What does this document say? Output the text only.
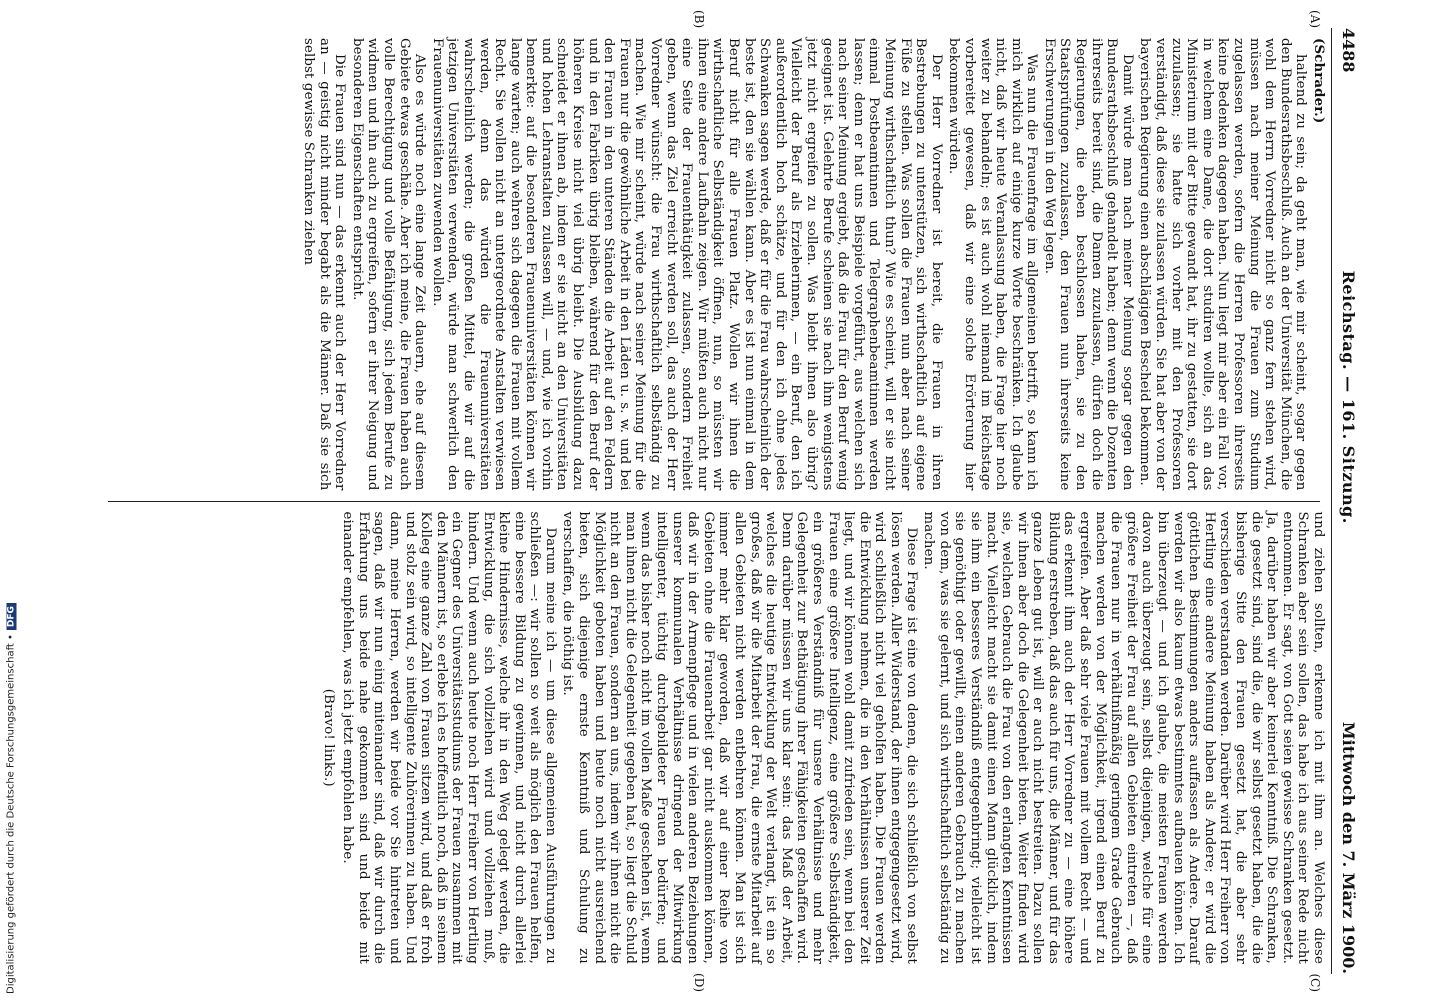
Digitalisierung gefördert durch die Deutsche Forschungsgemeinschaft •DFG
4488
Reichstag. — 161. Sitzung.
Mittwoch den 7. März 1900.
(A)
(B)
(C)
(D)

(Schrader.)

haltend zu sein; da geht man, wie mir scheint, sogar gegen den Bundesrathsbeschluß. Auch an der Universität München, die wohl dem Herrn Vorredner nicht so ganz fern stehen wird, müssen nach meiner Meinung die Frauen zum Studium zugelassen werden, sofern die Herren Professoren ihrerseits keine Bedenken dagegen haben. Nun liegt mir aber ein Fall vor, in welchem eine Dame, die dort studiren wollte, sich an das Ministerium mit der Bitte gewandt hat, ihr zu gestatten, sie dort zuzulassen; sie hatte sich vorher mit den Professoren verständigt, daß diese sie zulassen würden. Sie hat aber von der bayerischen Regierung einen abschlägigen Bescheid bekommen.

Damit würde man nach meiner Meinung sogar gegen den Bundesrathsbeschluß gehandelt haben; denn wenn die Dozenten ihrerseits bereit sind, die Damen zuzulassen, dürfen doch die Regierungen, die eben beschlossen haben, sie zu den Staatsprüfungen zuzulassen, den Frauen nun ihrerseits keine Erschwerungen in den Weg legen.

Was nun die Frauenfrage im allgemeinen betrifft, so kann ich mich wirklich auf einige kurze Worte beschränken. Ich glaube nicht, daß wir heute Veranlassung haben, die Frage hier noch weiter zu behandeln; es ist auch wohl niemand im Reichstage vorbereitet gewesen, daß wir eine solche Erörterung hier bekommen würden.

Der Herr Vorredner ist bereit, die Frauen in ihren Bestrebungen zu unterstützen, sich wirthschaftlich auf eigene Füße zu stellen. Was sollen die Frauen nun aber nach seiner Meinung wirthschaftlich thun? Wie es scheint, will er sie nicht einmal Postbeamtinnen und Telegraphenbeamtinnen werden lassen; denn er hat uns Beispiele vorgeführt, aus welchen sich nach seiner Meinung ergiebt, daß die Frau für den Beruf wenig geeignet ist. Gelehrte Berufe scheinen sie nach ihm wenigstens jetzt nicht ergreifen zu sollen. Was bleibt ihnen also übrig? Vielleicht der Beruf als Erzieherinnen, — ein Beruf, den ich außerordentlich hoch schätze, und für den ich ohne jedes Schwanken sagen werde, daß er für die Frau wahrscheinlich der beste ist, den sie wählen kann. Aber es ist nun einmal in dem Beruf nicht für alle Frauen Platz. Wollen wir ihnen die wirthschaftliche Selbständigkeit öffnen, nun, so müssten wir ihnen eine andere Laufbahn zeigen. Wir müßten auch nicht nur eine Seite der Frauenthätigkeit zulassen, sondern Freiheit geben, wenn das Ziel erreicht werden soll, das auch der Herr Vorredner wünscht: die Frau wirthschaftlich selbständig zu machen. Wie mir scheint, würde nach seiner Meinung für die Frauen nur die gewöhnliche Arbeit in den Läden u. s. w. und bei den Frauen in den unteren Ständen die Arbeit auf den Feldern und in den Fabriken übrig bleiben, während für den Beruf der höheren Kreise nicht viel übrig bleibt. Die Ausbildung dazu schneidet er ihnen ab, indem er sie nicht an den Universitäten und hohen Lehranstalten zulassen will, — und, wie ich vorhin bemerkte: auf die besonderen Frauenuniversitäten können wir lange warten; auch wehren sich dagegen die Frauen mit vollem Recht. Sie wollen nicht an untergeordnete Anstalten verwiesen werden, denn das würden die Frauenuniversitäten wahrscheinlich werden; die großen Mittel, die wir auf die jetzigen Universitäten verwenden, würde man schwerlich den Frauenuniversitäten zuwenden wollen.

Also es würde noch eine lange Zeit dauern, ehe auf diesem Gebiete etwas geschähe. Aber ich meine, die Frauen haben auch volle Berechtigung und volle Befähigung, sich jedem Berufe zu widmen und ihn auch zu ergreifen, sofern er ihrer Neigung und besonderen Eigenschaften entspricht.

Die Frauen sind nun — das erkennt auch der Herr Vorredner an — geistig nicht minder begabt als die Männer. Daß sie sich selbst gewisse Schranken ziehen

und ziehen sollten, erkenne ich mit ihm an. Welches diese Schranken aber sein sollen, das habe ich aus seiner Rede nicht entnommen. Er sagt, von Gott seien gewisse Schranken gesetzt. Ja, darüber haben wir aber keinerlei Kenntniß. Die Schranken, die gesetzt sind, sind die, die wir selbst gesetzt haben, die die bisherige Sitte den Frauen gesetzt hat, die aber sehr verschieden verstanden werden. Darüber wird Herr Freiherr von Hertling eine andere Meinung haben als Andere; er wird die göttlichen Bestimmungen anders auffassen als Andere. Darauf werden wir also kaum etwas bestimmtes aufbauen können. Ich bin überzeugt — und ich glaube, die meisten Frauen werden davon auch überzeugt sein, selbst diejenigen, welche für eine größere Freiheit der Frau auf allen Gebieten eintreten —, daß die Frauen nur in verhältnißmäßig geringem Grade Gebrauch machen werden von der Möglichkeit, irgend einen Beruf zu ergreifen. Aber daß sehr viele Frauen mit vollem Recht — und das erkennt ihm auch der Herr Vorredner zu — eine höhere Bildung erstreben, daß das auch für uns, die Männer, und für das ganze Leben gut ist, will er auch nicht bestreiten. Dazu sollen wir ihnen aber doch die Gelegenheit bieten. Weiter finden wird sie, welchen Gebrauch die Frau von den erlangten Kenntnissen macht. Vielleicht macht sie damit einen Mann glücklich, indem sie ihm ein besseres Verständniß entgegenbringt; vielleicht ist sie genöthigt oder gewillt, einen anderen Gebrauch zu machen von dem, was sie gelernt, und sich wirthschaftlich selbständig zu machen.

Diese Frage ist eine von denen, die sich schließlich von selbst lösen werden. Aller Widerstand, der ihnen entgegengesetzt wird, wird schließlich nicht viel geholfen haben. Die Frauen werden die Entwicklung nehmen, die in den Verhältnissen unserer Zeit liegt, und wir können wohl damit zufrieden sein, wenn bei den Frauen eine größere Intelligenz, eine größere Selbständigkeit, ein größeres Verständniß für unsere Verhältnisse und mehr Gelegenheit zur Bethätigung ihrer Fähigkeiten geschaffen wird. Denn darüber müssen wir uns klar sein: das Maß der Arbeit, welches die heutige Entwicklung der Welt verlangt, ist ein so großes, daß wir die Mitarbeit der Frau, die ernste Mitarbeit auf allen Gebieten nicht werden entbehren können. Man ist sich immer mehr klar geworden, daß wir auf einer Reihe von Gebieten ohne die Frauenarbeit gar nicht auskommen können, daß wir in der Armenpflege und in vielen anderen Beziehungen unserer kommunalen Verhältnisse dringend der Mitwirkung intelligenter, tüchtig durchgebildeter Frauen bedürfen; und wenn das bisher noch nicht im vollen Maße geschehen ist, wenn man ihnen nicht die Gelegenheit gegeben hat, so liegt die Schuld nicht an den Frauen, sondern an uns, indem wir ihnen nicht die Möglichkeit geboten haben und heute noch nicht ausreichend bieten, sich diejenige ernste Kenntniß und Schulung zu verschaffen, die nöthig ist.

Darum meine ich — um diese allgemeinen Ausführungen zu schließen —: wir sollen so weit als möglich den Frauen helfen, eine bessere Bildung zu gewinnen, und nicht durch allerlei kleine Hindernisse, welche ihr in den Weg gelegt werden, die Entwicklung, die sich vollziehen wird und vollziehen muß, hindern. Und wenn auch heute noch Herr Freiherr von Hertling ein Gegner des Universitätsstudiums der Frauen zusammen mit den Männern ist, so erlebe ich es hoffentlich noch, daß in seinem Kolleg eine ganze Zahl von Frauen sitzen wird, und daß er froh und stolz sein wird, so intelligente Zuhörerinnen zu haben. Und dann, meine Herren, werden wir beide vor Sie hintreten und sagen, daß wir nun einig miteinander sind, daß wir durch die Erfahrung uns beide nahe gekommen sind und beide mit einander empfehlen, was ich jetzt empfohlen habe.

(Bravo! links.)
